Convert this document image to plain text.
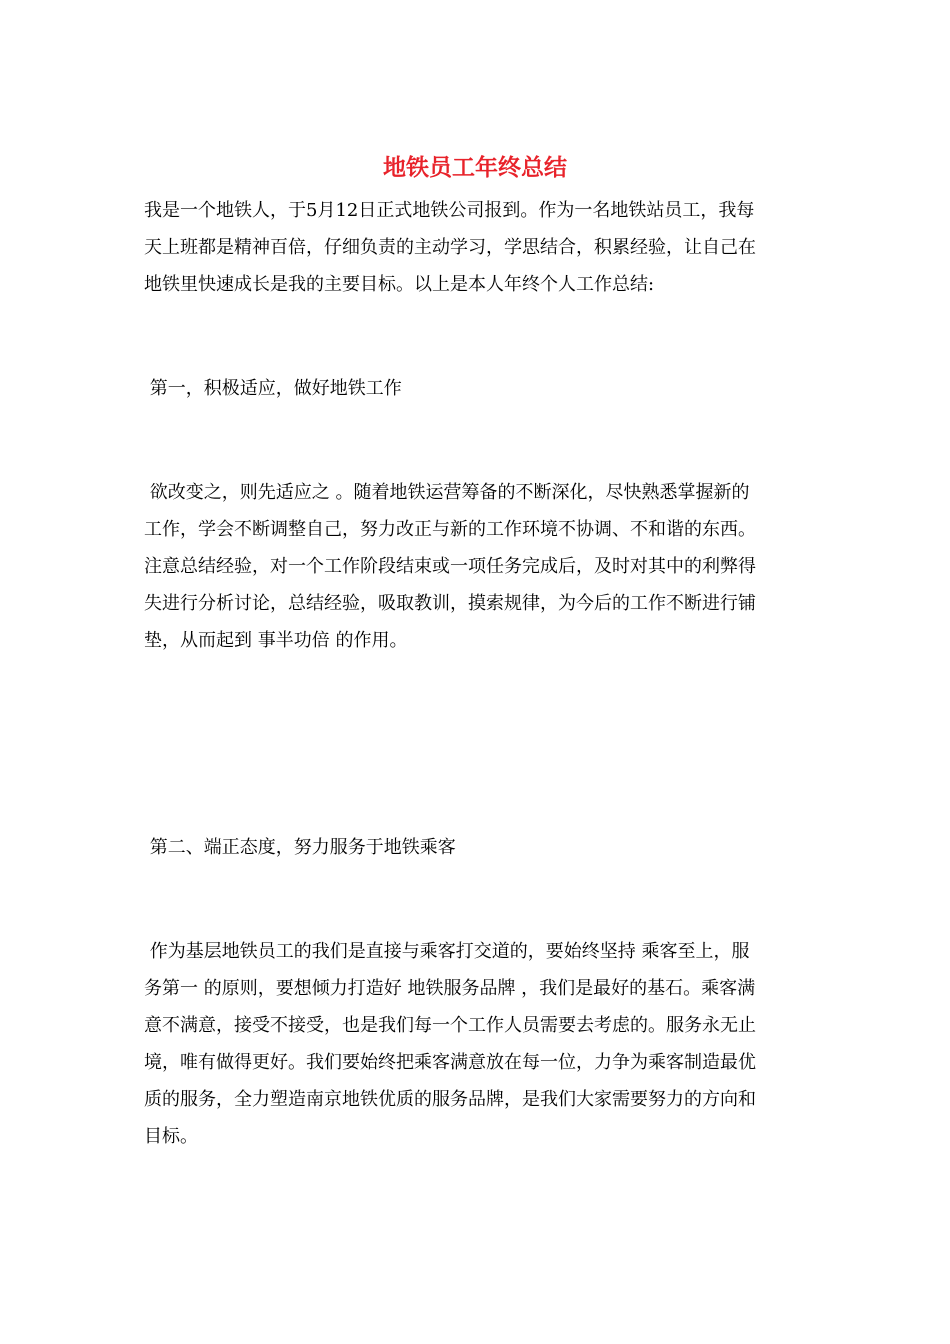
地铁员工年终总结
我是一个地铁人，于5月12日正式地铁公司报到。作为一名地铁站员工，我每
天上班都是精神百倍，仔细负责的主动学习，学思结合，积累经验，让自己在
地铁里快速成长是我的主要目标。以上是本人年终个人工作总结:
第一，积极适应，做好地铁工作
欲改变之，则先适应之 。随着地铁运营筹备的不断深化，尽快熟悉掌握新的
工作，学会不断调整自己，努力改正与新的工作环境不协调、不和谐的东西。
注意总结经验，对一个工作阶段结束或一项任务完成后，及时对其中的利弊得
失进行分析讨论，总结经验，吸取教训，摸索规律，为今后的工作不断进行铺
垫，从而起到 事半功倍 的作用。
第二、端正态度，努力服务于地铁乘客
作为基层地铁员工的我们是直接与乘客打交道的，要始终坚持 乘客至上，服
务第一 的原则，要想倾力打造好 地铁服务品牌 ，我们是最好的基石。乘客满
意不满意，接受不接受，也是我们每一个工作人员需要去考虑的。服务永无止
境，唯有做得更好。我们要始终把乘客满意放在每一位，力争为乘客制造最优
质的服务，全力塑造南京地铁优质的服务品牌，是我们大家需要努力的方向和
目标。
